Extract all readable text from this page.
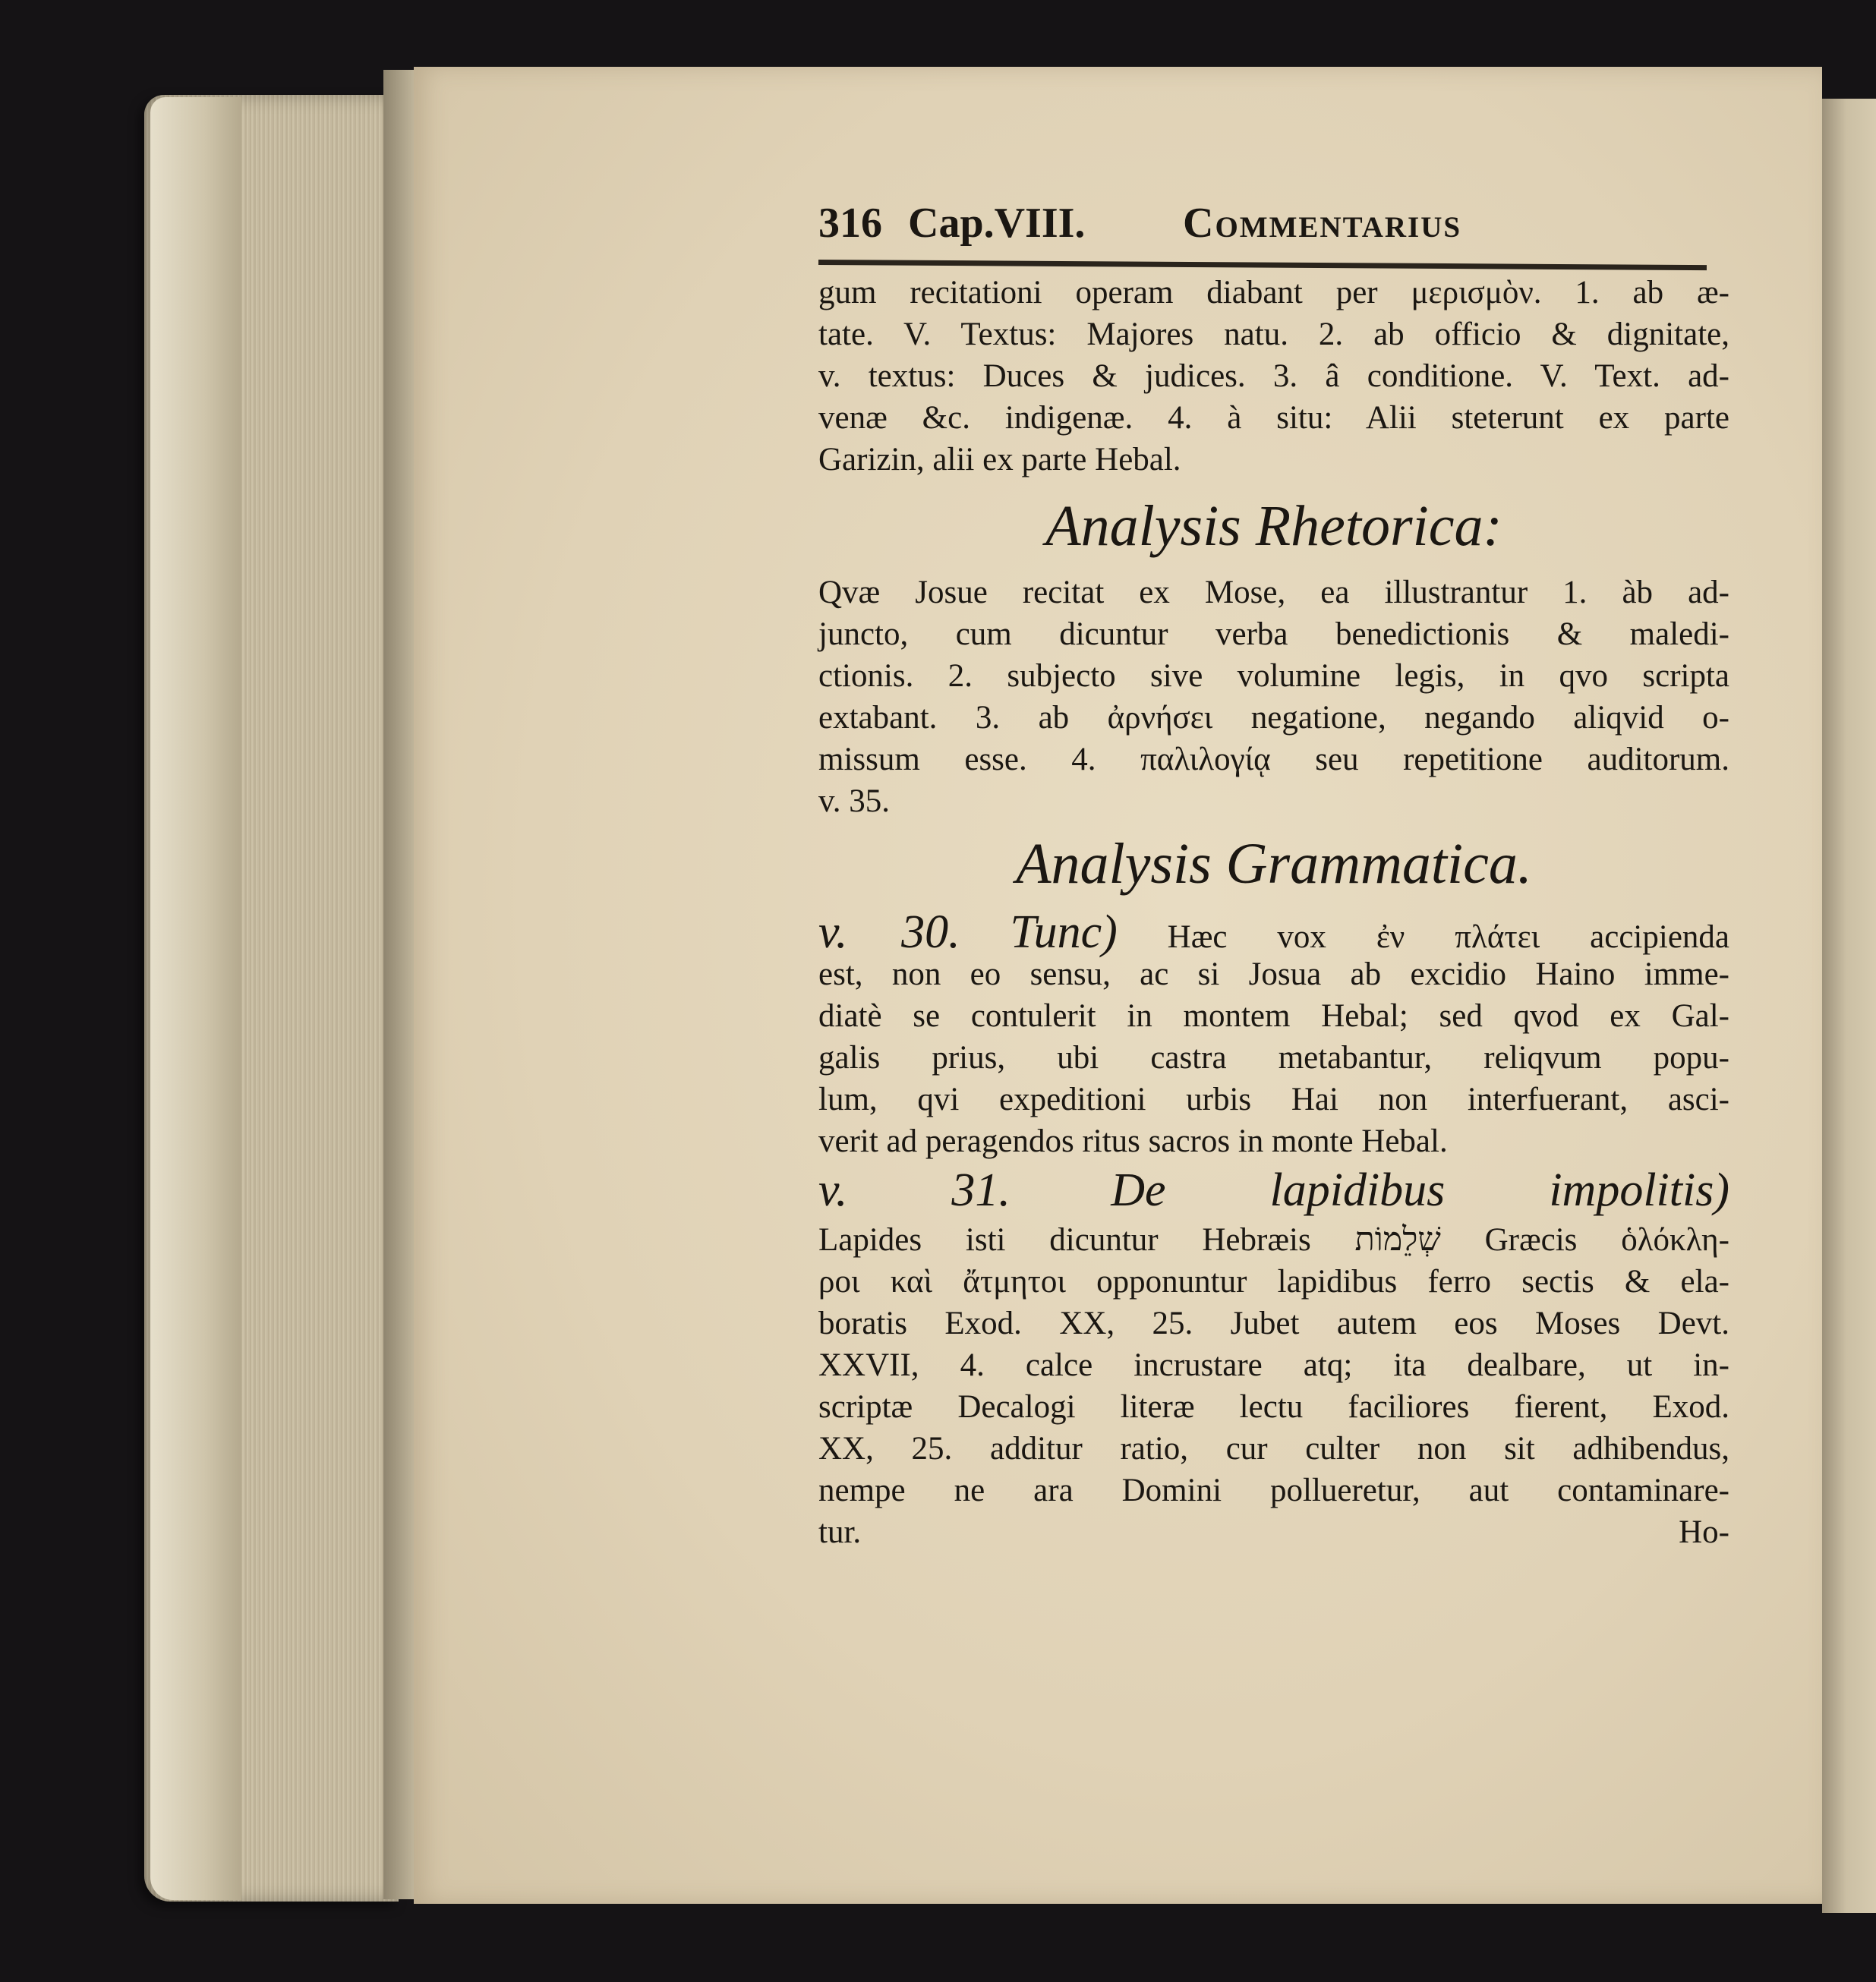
316 Cap.VIII. Commentarius
gum recitationi operam diabant per μερισμὸν. 1. ab æ-
tate. V. Textus: Majores natu. 2. ab officio & dignitate,
v. textus: Duces & judices. 3. â conditione. V. Text. ad-
venæ &c. indigenæ. 4. à situ: Alii steterunt ex parte
Garizin, alii ex parte Hebal.
Analysis Rhetorica:
Qvæ Josue recitat ex Mose, ea illustrantur 1. àb ad-
juncto, cum dicuntur verba benedictionis & maledi-
ctionis. 2. subjecto sive volumine legis, in qvo scripta
extabant. 3. ab ἀρνήσει negatione, negando aliqvid o-
missum esse. 4. παλιλογίᾳ seu repetitione auditorum.
v. 35.
Analysis Grammatica.
v. 30. Tunc) Hæc vox ἐν πλάτει accipienda
est, non eo sensu, ac si Josua ab excidio Haino imme-
diatè se contulerit in montem Hebal; sed qvod ex Gal-
galis prius, ubi castra metabantur, reliqvum popu-
lum, qvi expeditioni urbis Hai non interfuerant, asci-
verit ad peragendos ritus sacros in monte Hebal.
v. 31. De lapidibus impolitis)
Lapides isti dicuntur Hebræis שְׁלֵמוֹת Græcis ὁλόκλη-
ροι καὶ ἄτμητοι opponuntur lapidibus ferro sectis & ela-
boratis Exod. XX, 25. Jubet autem eos Moses Devt.
XXVII, 4. calce incrustare atq; ita dealbare, ut in-
scriptæ Decalogi literæ lectu faciliores fierent, Exod.
XX, 25. additur ratio, cur culter non sit adhibendus,
nempe ne ara Domini pollueretur, aut contaminare-
tur.	Ho-
